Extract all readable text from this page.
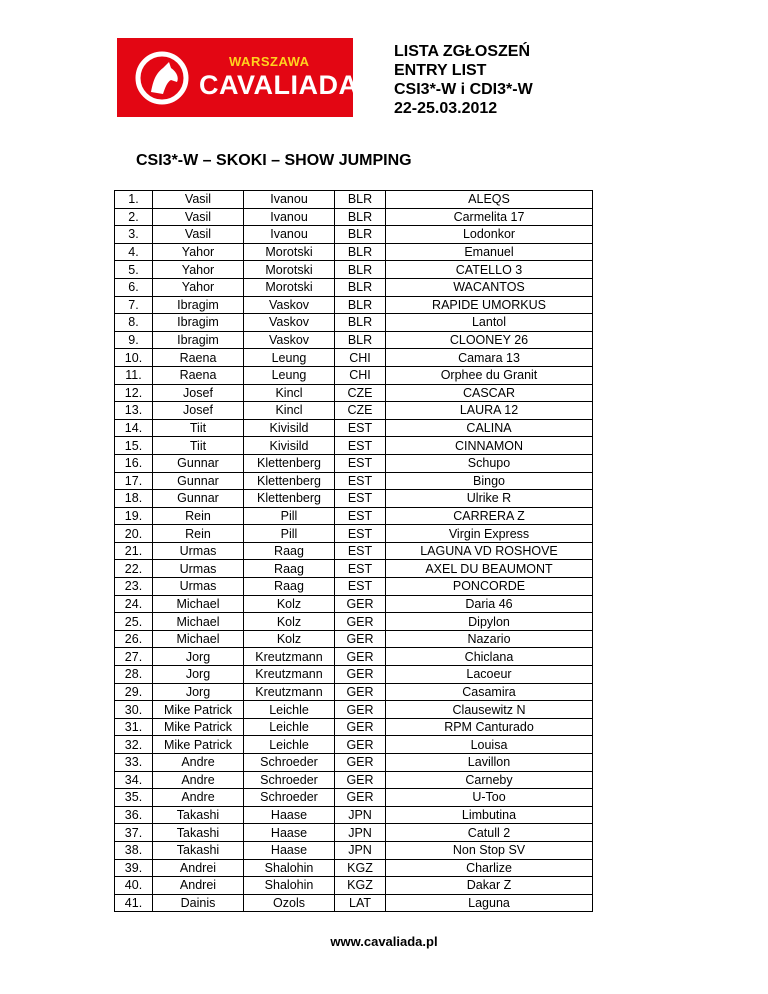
WARSZAWA
CAVALIADA
LISTA ZGŁOSZEŃ
ENTRY LIST
CSI3*-W i CDI3*-W
22-25.03.2012
CSI3*-W – SKOKI – SHOW JUMPING
1.	Vasil	Ivanou	BLR	ALEQS
2.	Vasil	Ivanou	BLR	Carmelita 17
3.	Vasil	Ivanou	BLR	Lodonkor
4.	Yahor	Morotski	BLR	Emanuel
5.	Yahor	Morotski	BLR	CATELLO 3
6.	Yahor	Morotski	BLR	WACANTOS
7.	Ibragim	Vaskov	BLR	RAPIDE UMORKUS
8.	Ibragim	Vaskov	BLR	Lantol
9.	Ibragim	Vaskov	BLR	CLOONEY 26
10.	Raena	Leung	CHI	Camara 13
11.	Raena	Leung	CHI	Orphee du Granit
12.	Josef	Kincl	CZE	CASCAR
13.	Josef	Kincl	CZE	LAURA 12
14.	Tiit	Kivisild	EST	CALINA
15.	Tiit	Kivisild	EST	CINNAMON
16.	Gunnar	Klettenberg	EST	Schupo
17.	Gunnar	Klettenberg	EST	Bingo
18.	Gunnar	Klettenberg	EST	Ulrike R
19.	Rein	Pill	EST	CARRERA Z
20.	Rein	Pill	EST	Virgin Express
21.	Urmas	Raag	EST	LAGUNA VD ROSHOVE
22.	Urmas	Raag	EST	AXEL DU BEAUMONT
23.	Urmas	Raag	EST	PONCORDE
24.	Michael	Kolz	GER	Daria 46
25.	Michael	Kolz	GER	Dipylon
26.	Michael	Kolz	GER	Nazario
27.	Jorg	Kreutzmann	GER	Chiclana
28.	Jorg	Kreutzmann	GER	Lacoeur
29.	Jorg	Kreutzmann	GER	Casamira
30.	Mike Patrick	Leichle	GER	Clausewitz N
31.	Mike Patrick	Leichle	GER	RPM Canturado
32.	Mike Patrick	Leichle	GER	Louisa
33.	Andre	Schroeder	GER	Lavillon
34.	Andre	Schroeder	GER	Carneby
35.	Andre	Schroeder	GER	U-Too
36.	Takashi	Haase	JPN	Limbutina
37.	Takashi	Haase	JPN	Catull 2
38.	Takashi	Haase	JPN	Non Stop SV
39.	Andrei	Shalohin	KGZ	Charlize
40.	Andrei	Shalohin	KGZ	Dakar Z
41.	Dainis	Ozols	LAT	Laguna
www.cavaliada.pl
